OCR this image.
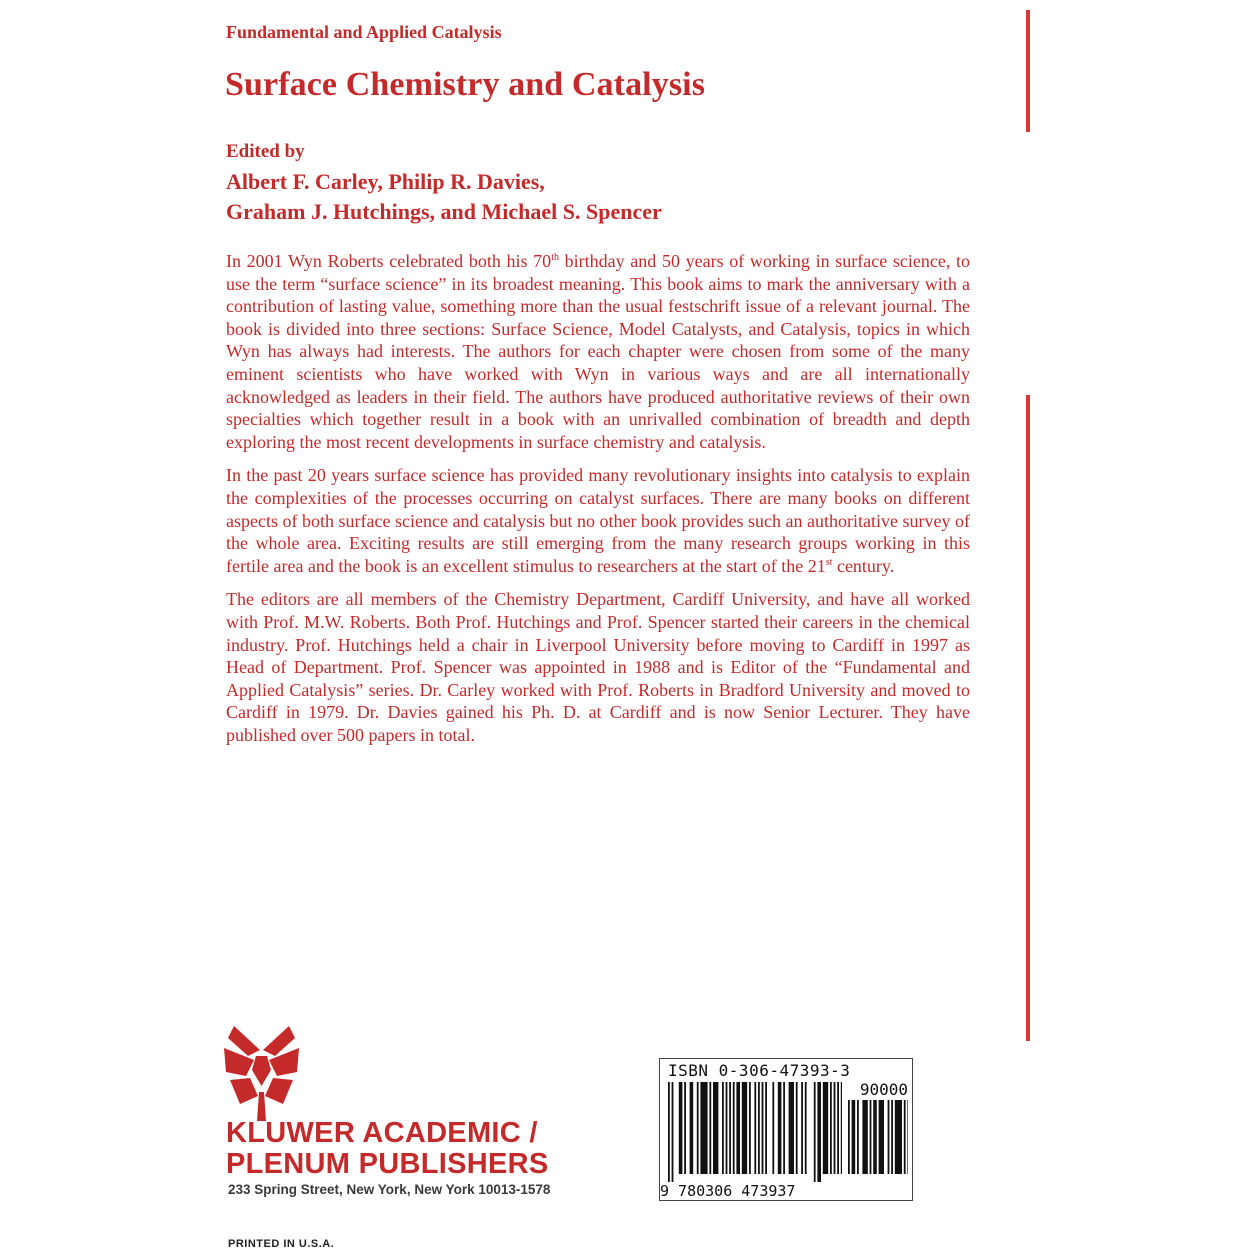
Fundamental and Applied Catalysis
Surface Chemistry and Catalysis
Edited by
Albert F. Carley, Philip R. Davies,
Graham J. Hutchings, and Michael S. Spencer

In 2001 Wyn Roberts celebrated both his 70th birthday and 50 years of working in surface science, to use the term “surface science” in its broadest meaning. This book aims to mark the anniversary with a contribution of lasting value, something more than the usual festschrift issue of a relevant journal. The book is divided into three sections: Surface Science, Model Catalysts, and Catalysis, topics in which Wyn has always had interests. The authors for each chapter were chosen from some of the many eminent scientists who have worked with Wyn in various ways and are all internationally acknowledged as leaders in their field. The authors have produced authoritative reviews of their own specialties which together result in a book with an unrivalled combination of breadth and depth exploring the most recent developments in surface chemistry and catalysis.

In the past 20 years surface science has provided many revolutionary insights into catalysis to explain the complexities of the processes occurring on catalyst surfaces. There are many books on different aspects of both surface science and catalysis but no other book provides such an authoritative survey of the whole area. Exciting results are still emerging from the many research groups working in this fertile area and the book is an excellent stimulus to researchers at the start of the 21st century.

The editors are all members of the Chemistry Department, Cardiff University, and have all worked with Prof. M.W. Roberts. Both Prof. Hutchings and Prof. Spencer started their careers in the chemical industry. Prof. Hutchings held a chair in Liverpool University before moving to Cardiff in 1997 as Head of Department. Prof. Spencer was appointed in 1988 and is Editor of the “Fundamental and Applied Catalysis” series. Dr. Carley worked with Prof. Roberts in Bradford University and moved to Cardiff in 1979. Dr. Davies gained his Ph. D. at Cardiff and is now Senior Lecturer. They have published over 500 papers in total.

KLUWER ACADEMIC /
PLENUM PUBLISHERS
233 Spring Street, New York, New York 10013-1578
PRINTED IN U.S.A.
ISBN 0-306-47393-3
90000
9 780306 473937
